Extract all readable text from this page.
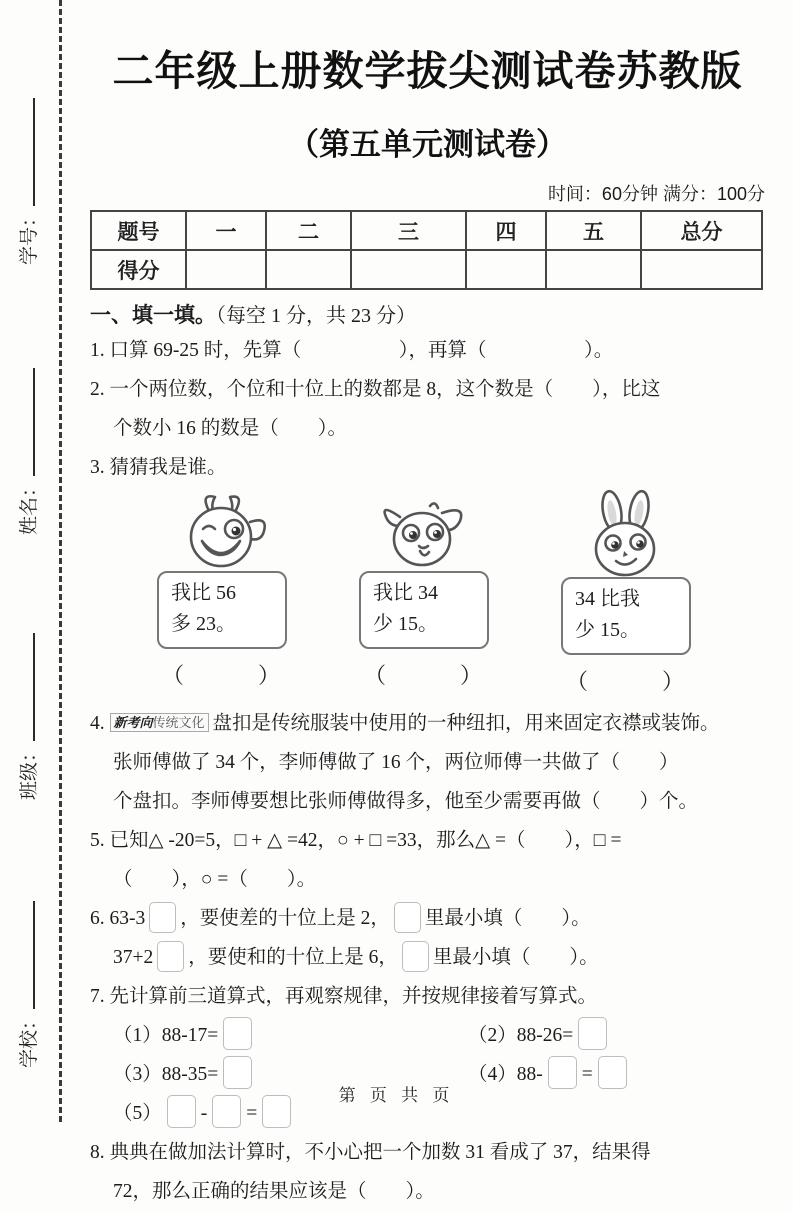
学号：
姓名：
班级：
学校：
二年级上册数学拔尖测试卷苏教版
（第五单元测试卷）
时间：60分钟 满分：100分
题号	一	二	三	四	五	总分
得分						
一、填一填。（每空 1 分，共 23 分）
1. 口算 69-25 时，先算（　　　　　），再算（　　　　　）。
2. 一个两位数，个位和十位上的数都是 8，这个数是（　　），比这
个数小 16 的数是（　　）。
3. 猜猜我是谁。
我比 56
多 23。
（　　　）
我比 34
少 15。
（　　　）
34 比我
少 15。
（　　　）
4. 新考向传统文化 盘扣是传统服装中使用的一种纽扣，用来固定衣襟或装饰。
张师傅做了 34 个，李师傅做了 16 个，两位师傅一共做了（　　）
个盘扣。李师傅要想比张师傅做得多，他至少需要再做（　　）个。
5. 已知△ -20=5，□ + △ =42，○ + □ =33，那么△ =（　　），□ =
（　　），○ =（　　）。
6. 63-3 ，要使差的十位上是 2， 里最小填（　　）。
37+2 ，要使和的十位上是 6， 里最小填（　　）。
7. 先计算前三道算式，再观察规律，并按规律接着写算式。
（1）88-17=	（2）88-26=
（3）88-35=	（4）88- =
（5） - =
8. 典典在做加法计算时，不小心把一个加数 31 看成了 37，结果得
72，那么正确的结果应该是（　　）。
第 页 共 页
